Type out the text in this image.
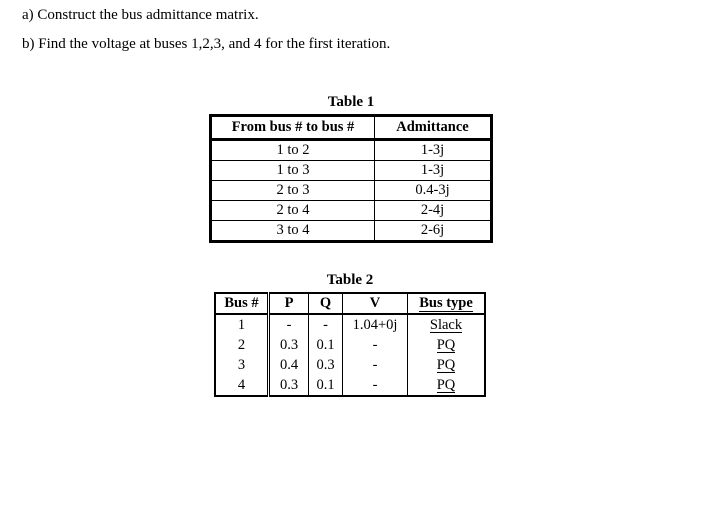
a) Construct the bus admittance matrix.

b) Find the voltage at buses 1,2,3, and 4 for the first iteration.

Table 1
From bus # to bus #	Admittance
1 to 2	1-3j
1 to 3	1-3j
2 to 3	0.4-3j
2 to 4	2-4j
3 to 4	2-6j
Table 2
Bus #	P	Q	V	Bus type
1	-	-	1.04+0j	Slack
2	0.3	0.1	-	PQ
3	0.4	0.3	-	PQ
4	0.3	0.1	-	PQ
